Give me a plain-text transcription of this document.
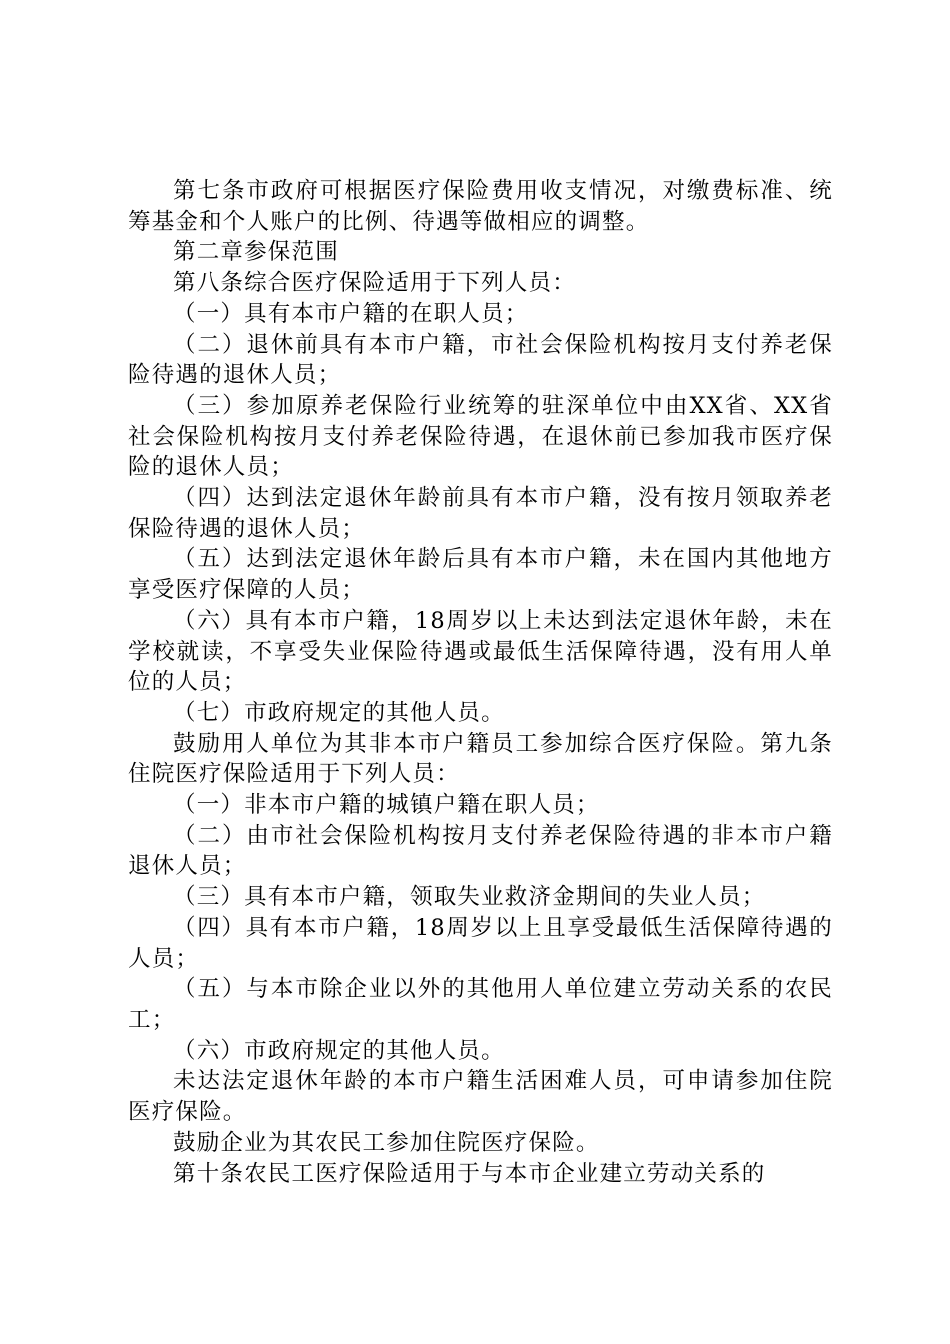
第七条市政府可根据医疗保险费用收支情况，对缴费标准、统筹基金和个人账户的比例、待遇等做相应的调整。

第二章参保范围

第八条综合医疗保险适用于下列人员：

（一）具有本市户籍的在职人员；

（二）退休前具有本市户籍，市社会保险机构按月支付养老保险待遇的退休人员；

（三）参加原养老保险行业统筹的驻深单位中由XX省、XX省社会保险机构按月支付养老保险待遇，在退休前已参加我市医疗保险的退休人员；

（四）达到法定退休年龄前具有本市户籍，没有按月领取养老保险待遇的退休人员；

（五）达到法定退休年龄后具有本市户籍，未在国内其他地方享受医疗保障的人员；

（六）具有本市户籍，18周岁以上未达到法定退休年龄，未在学校就读，不享受失业保险待遇或最低生活保障待遇，没有用人单位的人员；

（七）市政府规定的其他人员。

鼓励用人单位为其非本市户籍员工参加综合医疗保险。第九条住院医疗保险适用于下列人员：

（一）非本市户籍的城镇户籍在职人员；

（二）由市社会保险机构按月支付养老保险待遇的非本市户籍退休人员；

（三）具有本市户籍，领取失业救济金期间的失业人员；

（四）具有本市户籍，18周岁以上且享受最低生活保障待遇的人员；

（五）与本市除企业以外的其他用人单位建立劳动关系的农民工；

（六）市政府规定的其他人员。

未达法定退休年龄的本市户籍生活困难人员，可申请参加住院医疗保险。

鼓励企业为其农民工参加住院医疗保险。

第十条农民工医疗保险适用于与本市企业建立劳动关系的
